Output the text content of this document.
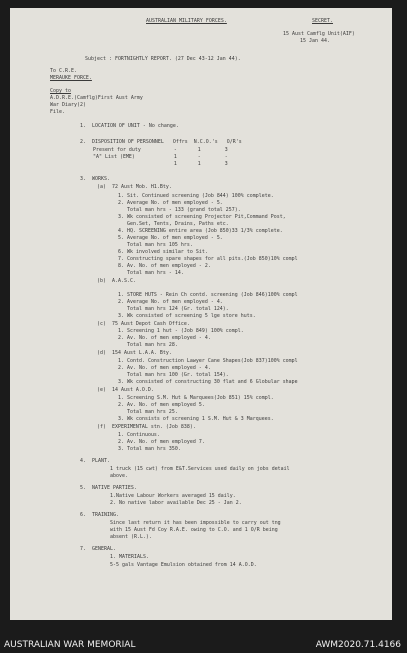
AUSTRALIAN MILITARY FORCES.	SECRET.
15 Aust Camflg Unit(AIF)
15 Jan 44.
Subject : FORTNIGHTLY REPORT. (27 Dec 43-12 Jan 44).
To C.R.E.
MERAUKE FORCE.
Copy to
A.D.R.E.(Camflg)First Aust Army
War Diary(2)
File.
1.  LOCATION OF UNIT - No change.
2.  DISPOSITION OF PERSONNEL   Offrs  N.C.O.'s   O/R's
Present for duty           -       1        3
"A" List (EME)             1       -        -
1       1        3
3.  WORKS.
(a)  72 Aust Mob. H1.Bty.
1. Sit. Continued screening (Job 844) 100% complete.
2. Average No. of men employed - 5.
Total man hrs - 133 (grand total 257).
3. Wk consisted of screening Projector Pit,Command Post,
Gen.Set, Tents, Drains, Paths etc.
4. HQ. SCREENING entire area (Job 850)33 1/3% complete.
5. Average No. of men employed - 5.
Total man hrs 105 hrs.
6. Wk involved similar to Sit.
7. Constructing spare shapes for all pits.(Job 850)10% compl
8. Av. No. of men employed - 2.
Total man hrs - 14.
(b)  A.A.S.C.
1. STORE HUTS - Rein Ch contd. screening (Job 846)100% compl
2. Average No. of men employed - 4.
Total man hrs 124 (Gr. total 124).
3. Wk consisted of screening 5 lge store huts.
(c)  75 Aust Depot Cash Office.
1. Screening 1 hut - (Job 849) 100% compl.
2. Av. No. of men employed - 4.
Total man hrs 28.
(d)  154 Aust L.A.A. Bty.
1. Contd. Construction Lawyer Cane Shapes(Job 837)100% compl
2. Av. No. of men employed - 4.
Total man hrs 100 (Gr. total 154).
3. Wk consisted of constructing 30 flat and 6 Globular shape
(e)  14 Aust A.O.D.
1. Screening S.M. Hut & Marquees(Job 851) 15% compl.
2. Av. No. of men employed 5.
Total man hrs 25.
3. Wk consists of screening 1 S.M. Hut & 3 Marquees.
(f)  EXPERIMENTAL stn. (Job 838).
1. Continuous.
2. Av. No. of men employed 7.
3. Total man hrs 350.
4.  PLANT.
1 truck (15 cwt) from E&T.Services used daily on jobs detail
above.
5.  NATIVE PARTIES.
1.Native Labour Workers averaged 15 daily.
2. No native labor available Dec 25 - Jan 2.
6.  TRAINING.
Since last return it has been impossible to carry out tng
with 15 Aust Fd Coy R.A.E. owing to C.O. and 1 O/R being
absent (R.L.).
7.  GENERAL.
1. MATERIALS.
5-5 gals Vantage Emulsion obtained from 14 A.O.D.
AUSTRALIAN WAR MEMORIAL	AWM2020.71.4166
